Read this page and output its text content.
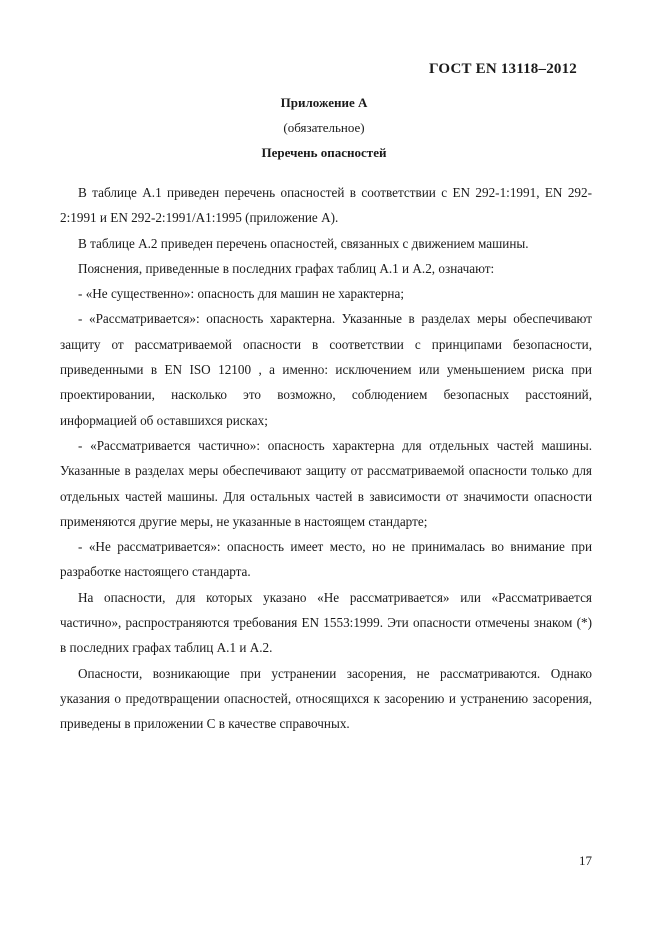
ГОСТ EN 13118–2012
Приложение А
(обязательное)
Перечень опасностей

В таблице А.1 приведен перечень опасностей в соответствии с EN 292-1:1991, EN 292-2:1991 и EN 292-2:1991/A1:1995 (приложение А).

В таблице А.2 приведен перечень опасностей, связанных с движением машины.

Пояснения, приведенные в последних графах таблиц А.1 и А.2, означают:

- «Не существенно»: опасность для машин не характерна;

- «Рассматривается»: опасность характерна. Указанные в разделах меры обеспечивают защиту от рассматриваемой опасности в соответствии с принципами безопасности, приведенными в EN ISO 12100 , а именно: исключением или уменьшением риска при проектировании, насколько это возможно, соблюдением безопасных расстояний, информацией об оставшихся рисках;

- «Рассматривается частично»: опасность характерна для отдельных частей машины. Указанные в разделах меры обеспечивают защиту от рассматриваемой опасности только для отдельных частей машины. Для остальных частей в зависимости от значимости опасности применяются другие меры, не указанные в настоящем стандарте;

- «Не рассматривается»: опасность имеет место, но не принималась во внимание при разработке настоящего стандарта.

На опасности, для которых указано «Не рассматривается» или «Рассматривается частично», распространяются требования EN 1553:1999. Эти опасности отмечены знаком (*) в последних графах таблиц А.1 и А.2.

Опасности, возникающие при устранении засорения, не рассматриваются. Однако указания о предотвращении опасностей, относящихся к засорению и устранению засорения, приведены в приложении С в качестве справочных.

17
